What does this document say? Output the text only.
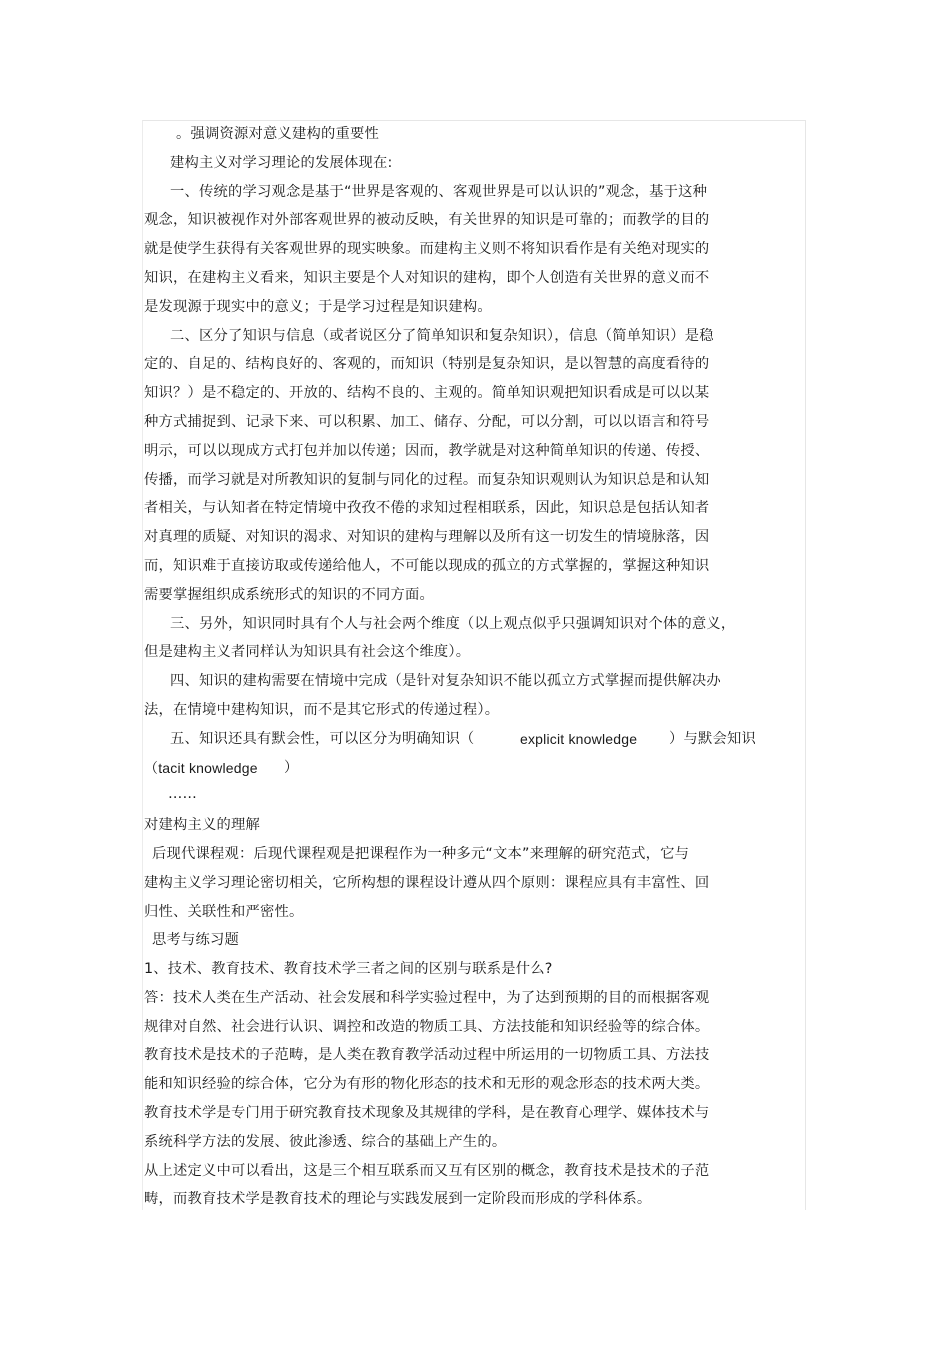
。强调资源对意义建构的重要性
建构主义对学习理论的发展体现在:
一、传统的学习观念是基于“世界是客观的、客观世界是可以认识的”观念，基于这种
观念，知识被视作对外部客观世界的被动反映，有关世界的知识是可靠的；而教学的目的
就是使学生获得有关客观世界的现实映象。而建构主义则不将知识看作是有关绝对现实的
知识，在建构主义看来，知识主要是个人对知识的建构，即个人创造有关世界的意义而不
是发现源于现实中的意义；于是学习过程是知识建构。
二、区分了知识与信息（或者说区分了简单知识和复杂知识），信息（简单知识）是稳
定的、自足的、结构良好的、客观的，而知识（特别是复杂知识，是以智慧的高度看待的
知识？）是不稳定的、开放的、结构不良的、主观的。简单知识观把知识看成是可以以某
种方式捕捉到、记录下来、可以积累、加工、储存、分配，可以分割，可以以语言和符号
明示，可以以现成方式打包并加以传递；因而，教学就是对这种简单知识的传递、传授、
传播，而学习就是对所教知识的复制与同化的过程。而复杂知识观则认为知识总是和认知
者相关，与认知者在特定情境中孜孜不倦的求知过程相联系，因此，知识总是包括认知者
对真理的质疑、对知识的渴求、对知识的建构与理解以及所有这一切发生的情境脉落，因
而，知识难于直接访取或传递给他人，不可能以现成的孤立的方式掌握的，掌握这种知识
需要掌握组织成系统形式的知识的不同方面。
三、另外，知识同时具有个人与社会两个维度（以上观点似乎只强调知识对个体的意义，
但是建构主义者同样认为知识具有社会这个维度）。
四、知识的建构需要在情境中完成（是针对复杂知识不能以孤立方式掌握而提供解决办
法，在情境中建构知识，而不是其它形式的传递过程）。
五、知识还具有默会性，可以区分为明确知识（	explicit knowledge ）与默会知识
（tacit knowledge ）
……
对建构主义的理解
后现代课程观：后现代课程观是把课程作为一种多元“文本”来理解的研究范式，它与
建构主义学习理论密切相关，它所构想的课程设计遵从四个原则：课程应具有丰富性、回
归性、关联性和严密性。
思考与练习题
1、技术、教育技术、教育技术学三者之间的区别与联系是什么?
答：技术人类在生产活动、社会发展和科学实验过程中，为了达到预期的目的而根据客观
规律对自然、社会进行认识、调控和改造的物质工具、方法技能和知识经验等的综合体。
教育技术是技术的子范畴，是人类在教育教学活动过程中所运用的一切物质工具、方法技
能和知识经验的综合体，它分为有形的物化形态的技术和无形的观念形态的技术两大类。
教育技术学是专门用于研究教育技术现象及其规律的学科，是在教育心理学、媒体技术与
系统科学方法的发展、彼此渗透、综合的基础上产生的。
从上述定义中可以看出，这是三个相互联系而又互有区别的概念，教育技术是技术的子范
畴，而教育技术学是教育技术的理论与实践发展到一定阶段而形成的学科体系。
